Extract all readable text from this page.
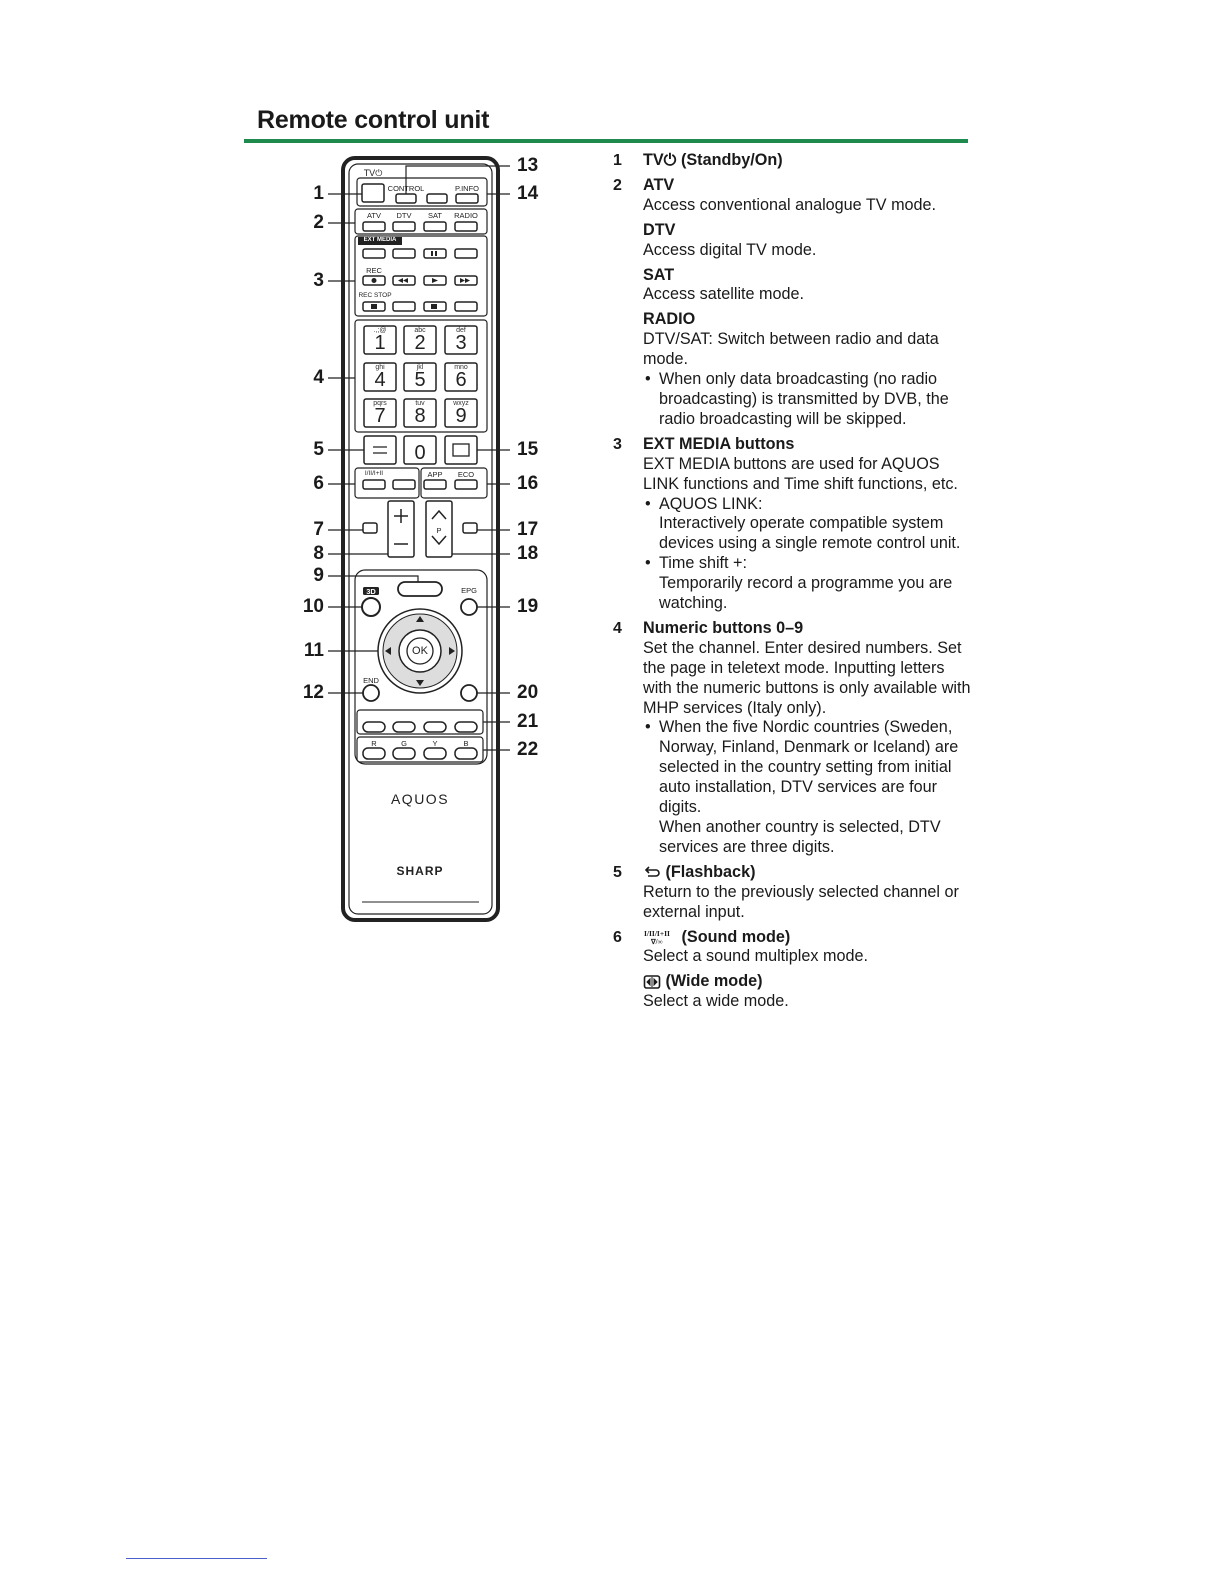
Remote control unit
1
2
3
4
5
6
7
8
9
10
11
12
13
14
15
16
17
18
19
20
21
22
TV⏻
CONTROL	P.INFO
ATV DTV SAT RADIO
EXT MEDIA
REC
REC STOP
.,;@	abc	def
ghi	jkl	mno
pqrs	tuv	wxyz
1 2 3
4 5 6
7 8 9
0
I/II/I+II	APP ECO
P
3D	EPG
OK
END
R	G	Y	B
AQUOS
SHARP
1 TV⏻ (Standby/On)
2 ATV
Access conventional analogue TV mode.
DTV
Access digital TV mode.
SAT
Access satellite mode.
RADIO
DTV/SAT: Switch between radio and data mode.
• When only data broadcasting (no radio broadcasting) is transmitted by DVB, the radio broadcasting will be skipped.
3 EXT MEDIA buttons
EXT MEDIA buttons are used for AQUOS LINK functions and Time shift functions, etc.
• AQUOS LINK:
Interactively operate compatible system devices using a single remote control unit.
• Time shift +:
Temporarily record a programme you are watching.
4 Numeric buttons 0–9
Set the channel. Enter desired numbers. Set the page in teletext mode. Inputting letters with the numeric buttons is only available with MHP services (Italy only).
• When the five Nordic countries (Sweden, Norway, Finland, Denmark or Iceland) are selected in the country setting from initial auto installation, DTV services are four digits.
When another country is selected, DTV services are three digits.
5	(Flashback)
Return to the previously selected channel or external input.
6	I/II/I+II
∇/∞ (Sound mode)
Select a sound multiplex mode.
(Wide mode)
Select a wide mode.
